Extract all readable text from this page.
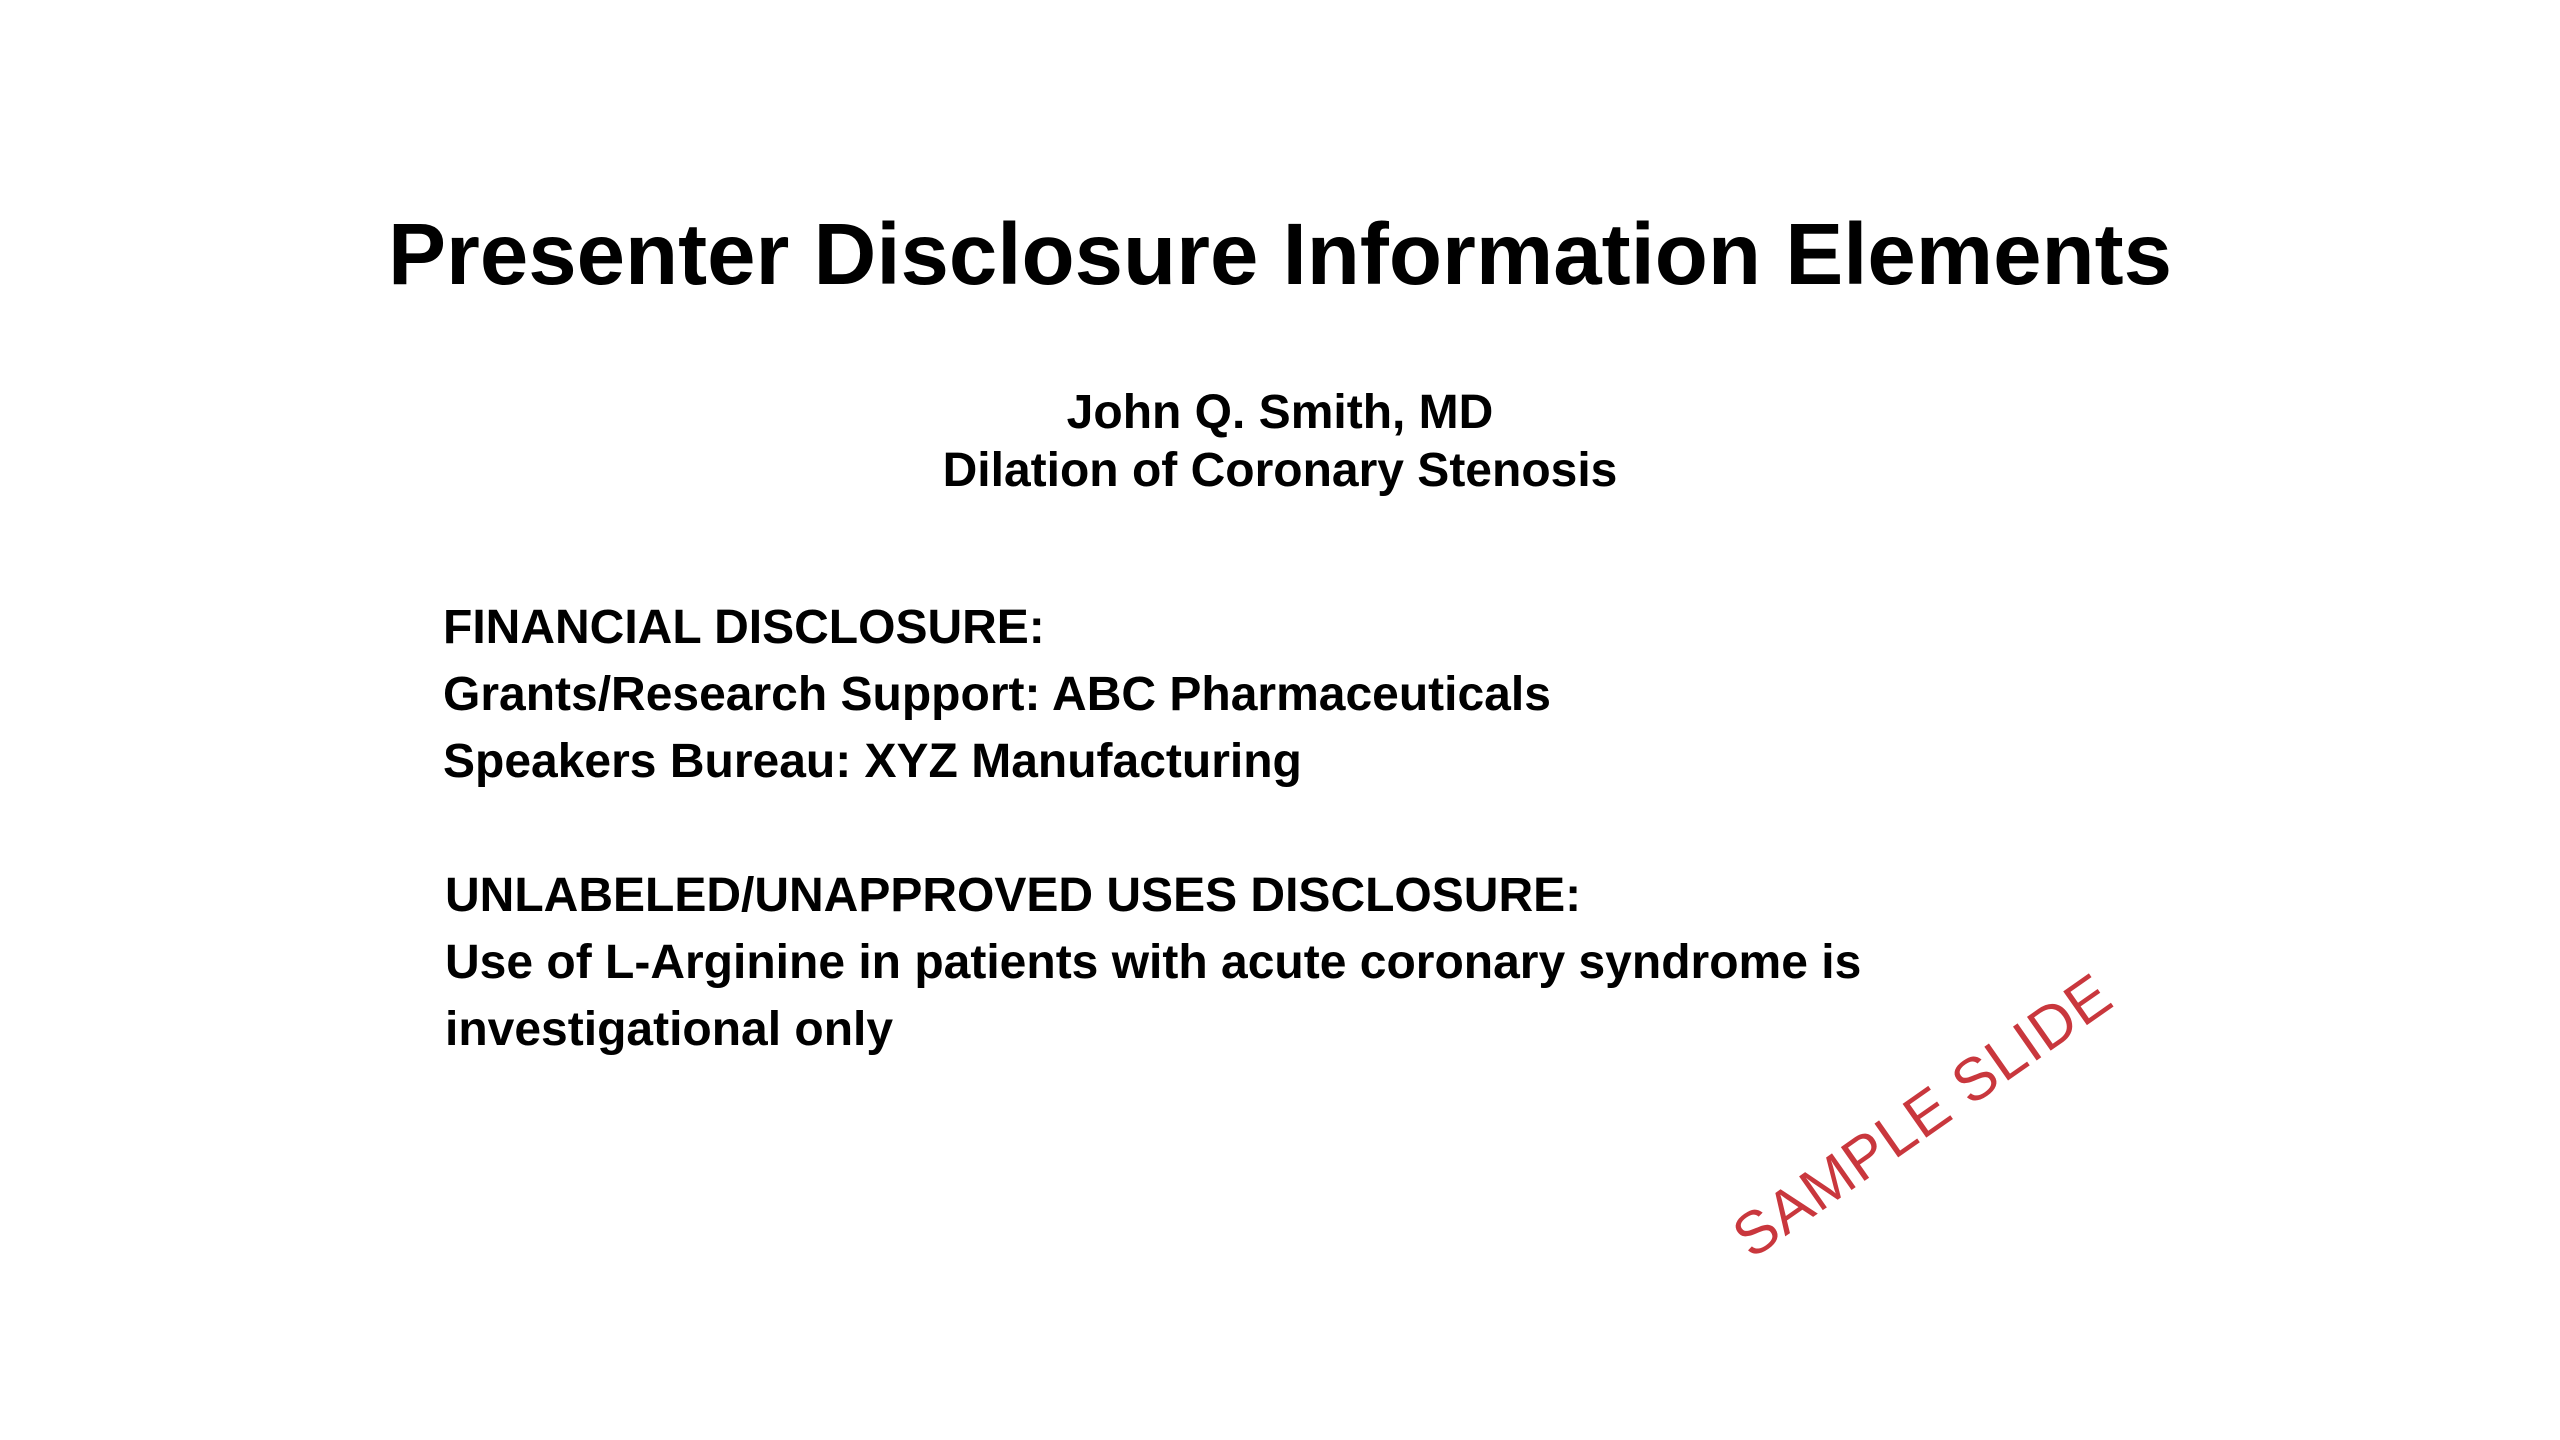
Presenter Disclosure Information Elements
John Q. Smith, MD
Dilation of Coronary Stenosis
FINANCIAL DISCLOSURE:
Grants/Research Support: ABC Pharmaceuticals
Speakers Bureau: XYZ Manufacturing
UNLABELED/UNAPPROVED USES DISCLOSURE:
Use of L-Arginine in patients with acute coronary syndrome is
investigational only	SAMPLE SLIDE
